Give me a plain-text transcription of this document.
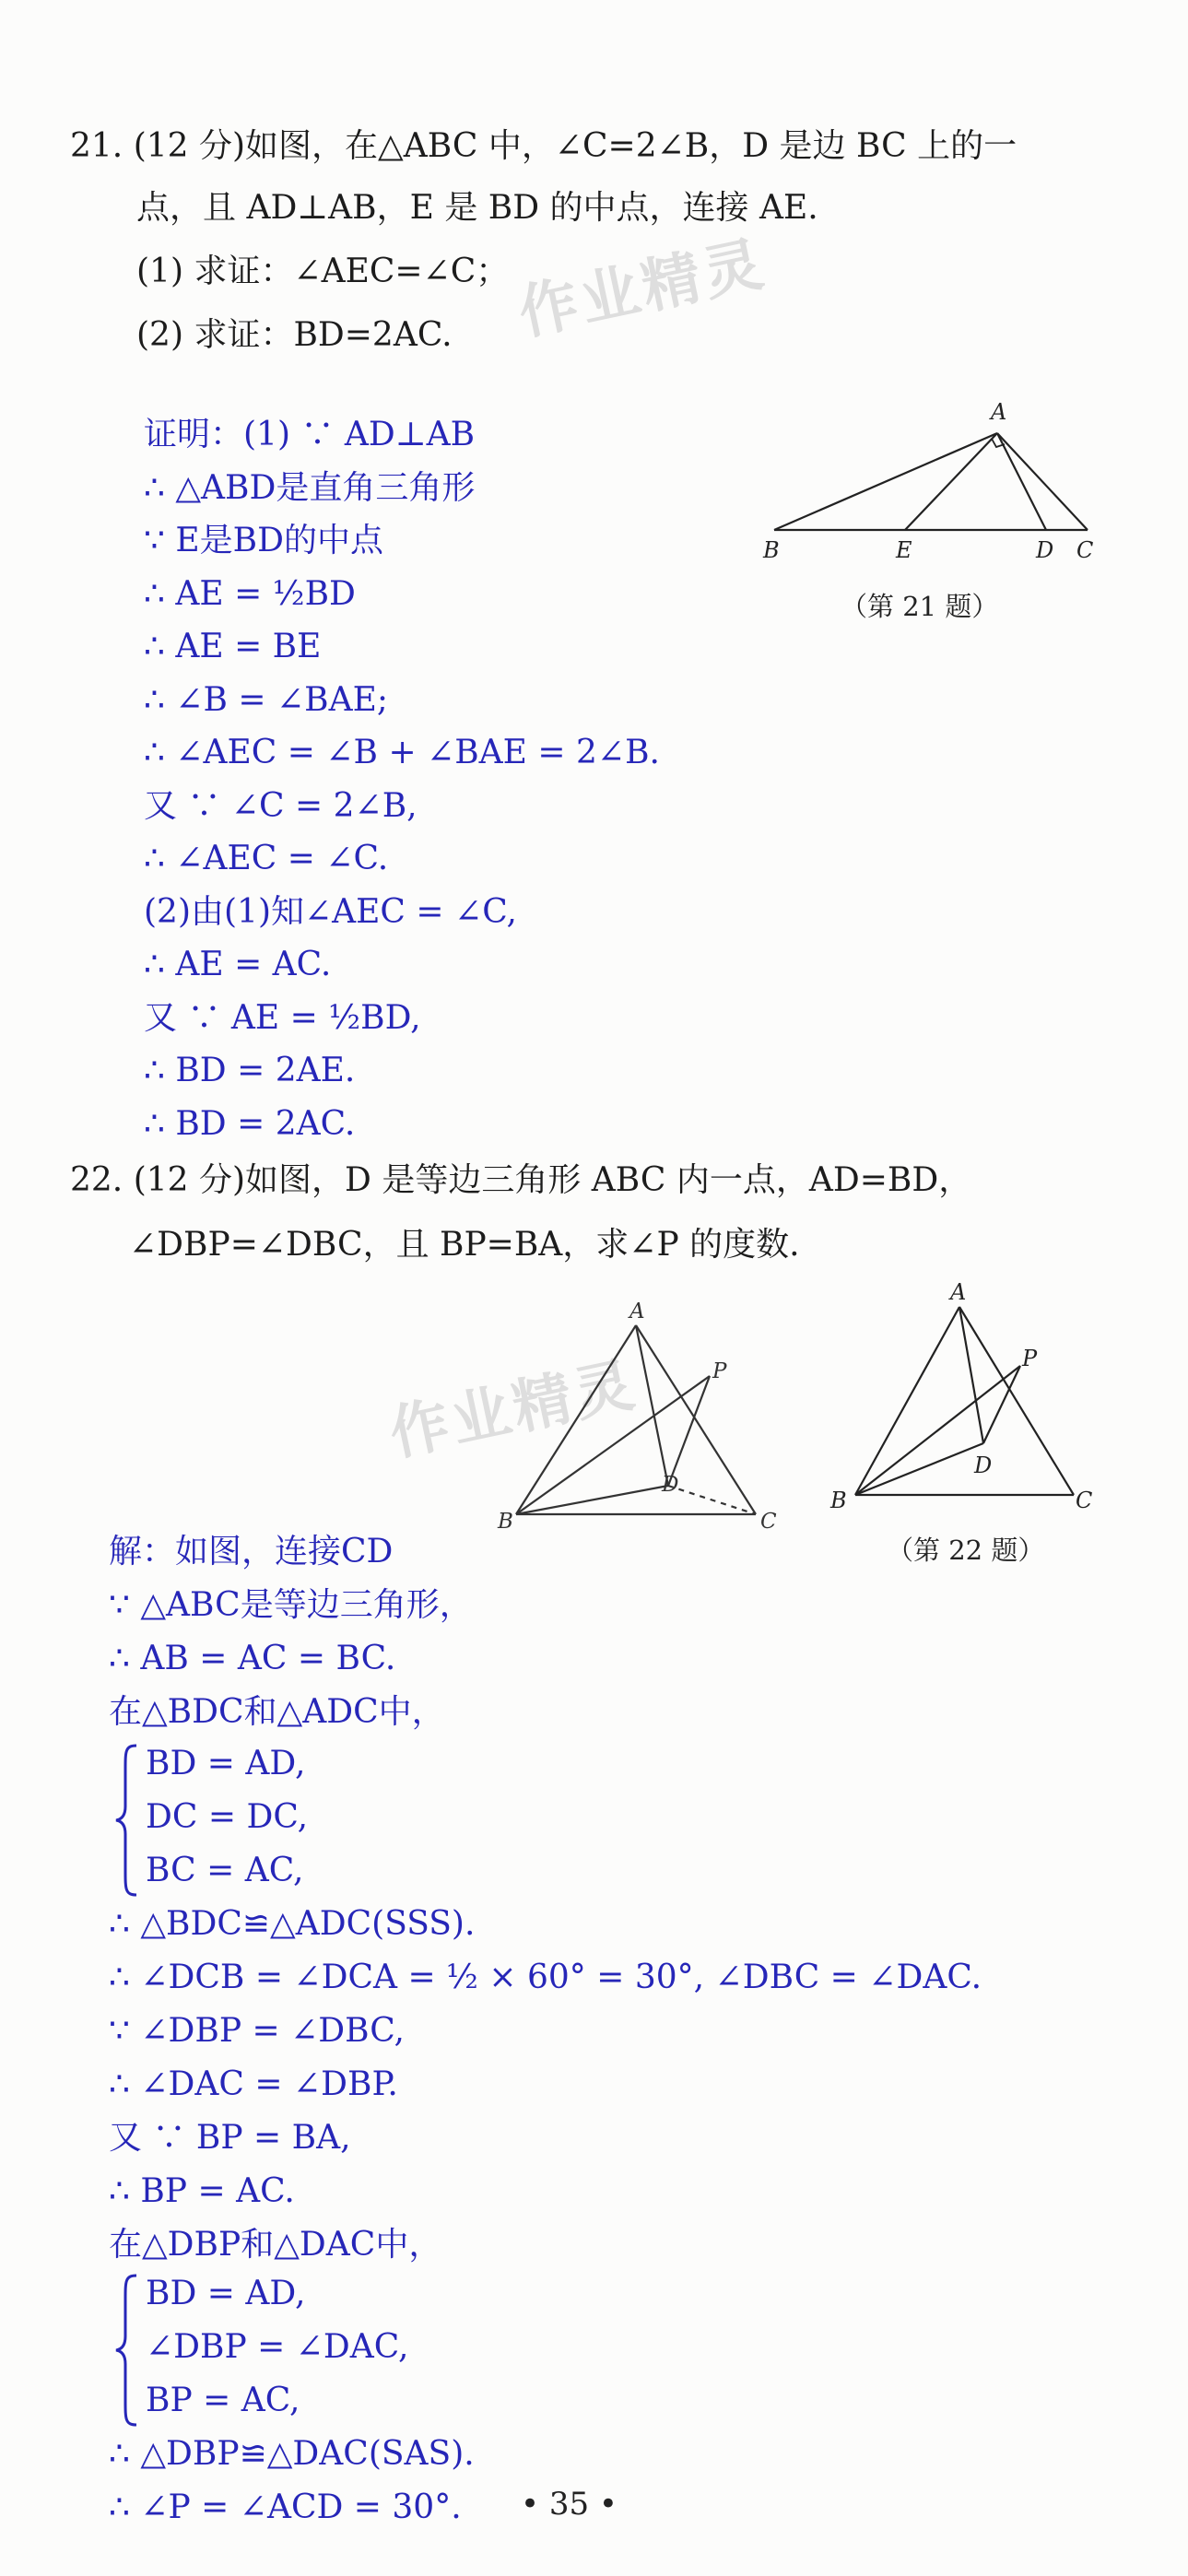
21. (12 分)如图，在△ABC 中，∠C=2∠B，D 是边 BC 上的一
点，且 AD⊥AB，E 是 BD 的中点，连接 AE.
(1) 求证：∠AEC=∠C；
(2) 求证：BD=2AC. 作业精灵
证明：(1) ∵ AD⊥AB
∴ △ABD是直角三角形
∵ E是BD的中点
∴ AE = ½BD
∴ AE = BE
∴ ∠B = ∠BAE;
∴ ∠AEC = ∠B + ∠BAE = 2∠B.
又 ∵ ∠C = 2∠B,
∴ ∠AEC = ∠C.
(2)由(1)知∠AEC = ∠C,
∴ AE = AC.
又 ∵ AE = ½BD,
∴ BD = 2AE.
∴ BD = 2AC.
A
B	E	D C
（第 21 题）
22. (12 分)如图，D 是等边三角形 ABC 内一点，AD=BD，
∠DBP=∠DBC，且 BP=BA，求∠P 的度数.
作业精灵
A
B	C
D
P
A
B	C
D
P
（第 22 题）
解：如图，连接CD
∵ △ABC是等边三角形，
∴ AB = AC = BC.
在△BDC和△ADC中，
BD = AD,
DC = DC,
BC = AC,
∴ △BDC≌△ADC(SSS).
∴ ∠DCB = ∠DCA = ½ × 60° = 30°, ∠DBC = ∠DAC.
∵ ∠DBP = ∠DBC,
∴ ∠DAC = ∠DBP.
又 ∵ BP = BA,
∴ BP = AC.
在△DBP和△DAC中，
BD = AD,
∠DBP = ∠DAC,
BP = AC,
∴ △DBP≌△DAC(SAS).
∴ ∠P = ∠ACD = 30°.	• 35 •
